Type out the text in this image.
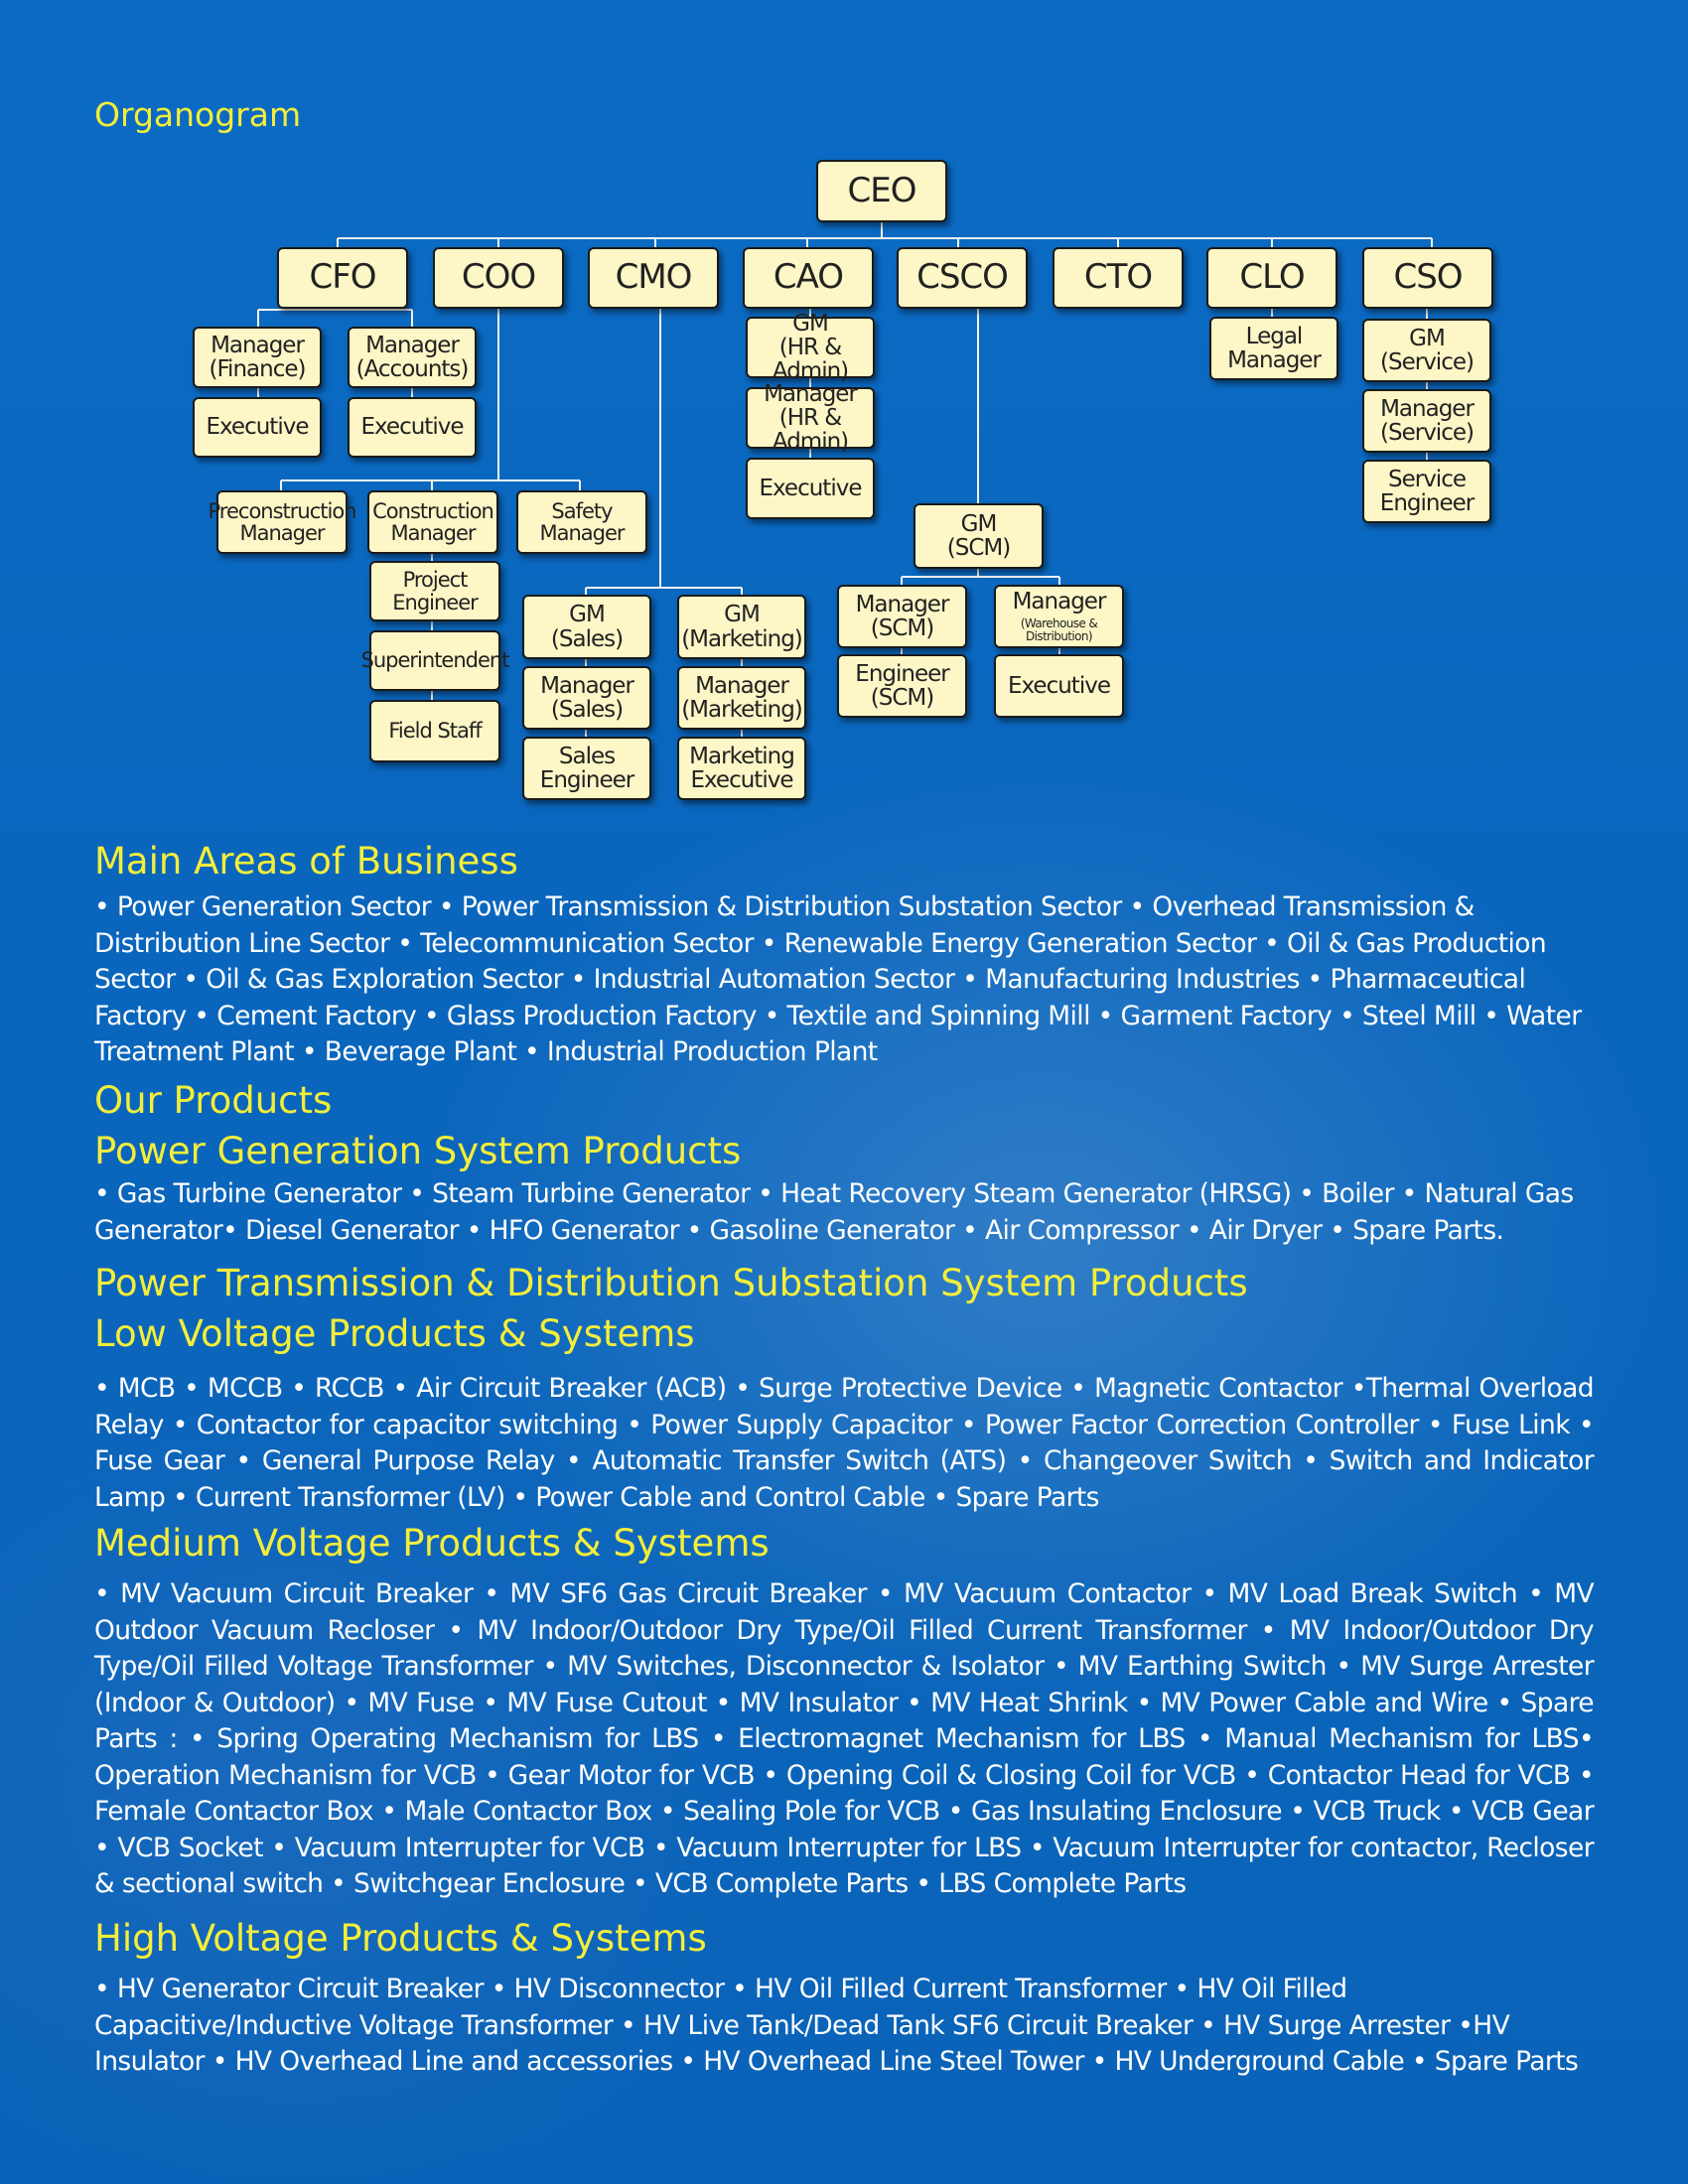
Organogram
CEO
CFO	COO	CMO	CAO	CSCO	CTO	CLO	CSO
Manager
(Finance)
Manager
(Accounts)
Executive	Executive
GM
(HR & Admin)
Manager
(HR & Admin)
Executive
Legal
Manager
GM
(Service)
Manager
(Service)
Service
Engineer
Preconstruction
Manager
Construction
Manager
Safety
Manager
Project
Engineer
Superintendent
Field Staff
GM
(Sales)
GM
(Marketing)
Manager
(Sales)
Manager
(Marketing)
Sales
Engineer
Marketing
Executive
GM
(SCM)
Manager
(SCM)
Manager
(Warehouse & Distribution)
Engineer
(SCM)	Executive
Main Areas of Business

• Power Generation Sector • Power Transmission & Distribution Substation Sector • Overhead Transmission & Distribution Line Sector • Telecommunication Sector • Renewable Energy Generation Sector • Oil & Gas Production Sector • Oil & Gas Exploration Sector • Industrial Automation Sector • Manufacturing Industries • Pharmaceutical Factory • Cement Factory • Glass Production Factory • Textile and Spinning Mill • Garment Factory • Steel Mill • Water Treatment Plant • Beverage Plant • Industrial Production Plant

Our Products
Power Generation System Products

• Gas Turbine Generator • Steam Turbine Generator • Heat Recovery Steam Generator (HRSG) • Boiler • Natural Gas Generator• Diesel Generator • HFO Generator • Gasoline Generator • Air Compressor • Air Dryer • Spare Parts.

Power Transmission & Distribution Substation System Products
Low Voltage Products & Systems

• MCB • MCCB • RCCB • Air Circuit Breaker (ACB) • Surge Protective Device • Magnetic Contactor •Thermal Overload Relay • Contactor for capacitor switching • Power Supply Capacitor • Power Factor Correction Controller • Fuse Link • Fuse Gear • General Purpose Relay • Automatic Transfer Switch (ATS) • Changeover Switch • Switch and Indicator Lamp • Current Transformer (LV) • Power Cable and Control Cable • Spare Parts

Medium Voltage Products & Systems

• MV Vacuum Circuit Breaker • MV SF6 Gas Circuit Breaker • MV Vacuum Contactor • MV Load Break Switch • MV Outdoor Vacuum Recloser • MV Indoor/Outdoor Dry Type/Oil Filled Current Transformer • MV Indoor/Outdoor Dry Type/Oil Filled Voltage Transformer • MV Switches, Disconnector & Isolator • MV Earthing Switch • MV Surge Arrester (Indoor & Outdoor) • MV Fuse • MV Fuse Cutout • MV Insulator • MV Heat Shrink • MV Power Cable and Wire • Spare Parts : • Spring Operating Mechanism for LBS • Electromagnet Mechanism for LBS • Manual Mechanism for LBS• Operation Mechanism for VCB • Gear Motor for VCB • Opening Coil & Closing Coil for VCB • Contactor Head for VCB • Female Contactor Box • Male Contactor Box • Sealing Pole for VCB • Gas Insulating Enclosure • VCB Truck • VCB Gear • VCB Socket • Vacuum Interrupter for VCB • Vacuum Interrupter for LBS • Vacuum Interrupter for contactor, Recloser & sectional switch • Switchgear Enclosure • VCB Complete Parts • LBS Complete Parts

High Voltage Products & Systems

• HV Generator Circuit Breaker • HV Disconnector • HV Oil Filled Current Transformer • HV Oil Filled Capacitive/Inductive Voltage Transformer • HV Live Tank/Dead Tank SF6 Circuit Breaker • HV Surge Arrester •HV Insulator • HV Overhead Line and accessories • HV Overhead Line Steel Tower • HV Underground Cable • Spare Parts
